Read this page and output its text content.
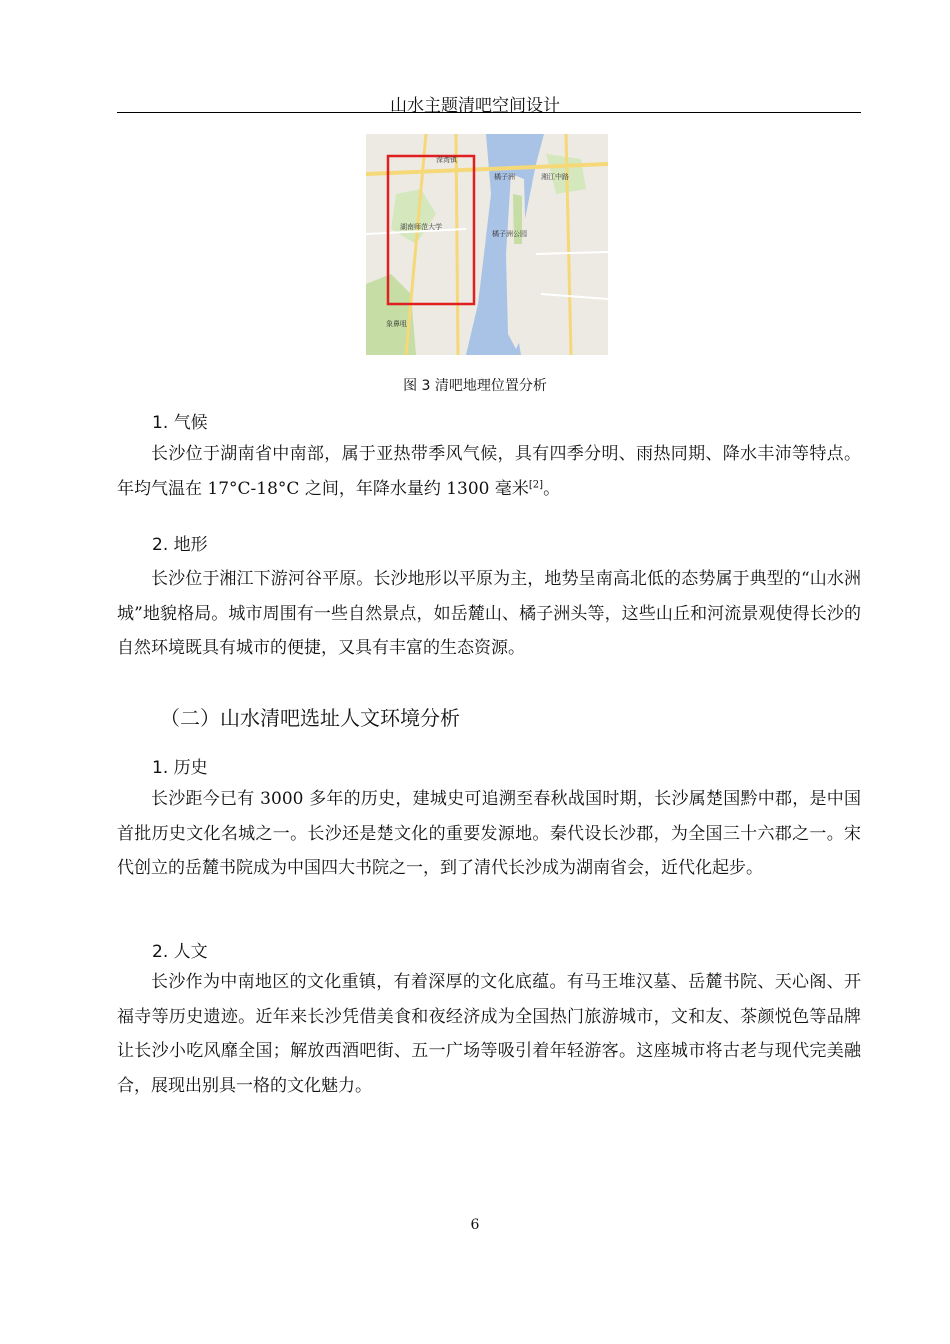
山水主题清吧空间设计
湖南师范大学
橘子洲公园
象鼻咀
溁湾镇
湘江中路
橘子洲
图 3 清吧地理位置分析
1. 气候

长沙位于湖南省中南部，属于亚热带季风气候，具有四季分明、雨热同期、降水丰沛等特点。年均气温在 17°C-18°C 之间，年降水量约 1300 毫米[2]。

2. 地形

长沙位于湘江下游河谷平原。长沙地形以平原为主，地势呈南高北低的态势属于典型的“山水洲城”地貌格局。城市周围有一些自然景点，如岳麓山、橘子洲头等，这些山丘和河流景观使得长沙的自然环境既具有城市的便捷，又具有丰富的生态资源。

（二）山水清吧选址人文环境分析
1. 历史

长沙距今已有 3000 多年的历史，建城史可追溯至春秋战国时期，长沙属楚国黔中郡，是中国首批历史文化名城之一。长沙还是楚文化的重要发源地。秦代设长沙郡，为全国三十六郡之一。宋代创立的岳麓书院成为中国四大书院之一，到了清代长沙成为湖南省会，近代化起步。

2. 人文

长沙作为中南地区的文化重镇，有着深厚的文化底蕴。有马王堆汉墓、岳麓书院、天心阁、开福寺等历史遗迹。近年来长沙凭借美食和夜经济成为全国热门旅游城市，文和友、茶颜悦色等品牌让长沙小吃风靡全国；解放西酒吧街、五一广场等吸引着年轻游客。这座城市将古老与现代完美融合，展现出别具一格的文化魅力。

6
